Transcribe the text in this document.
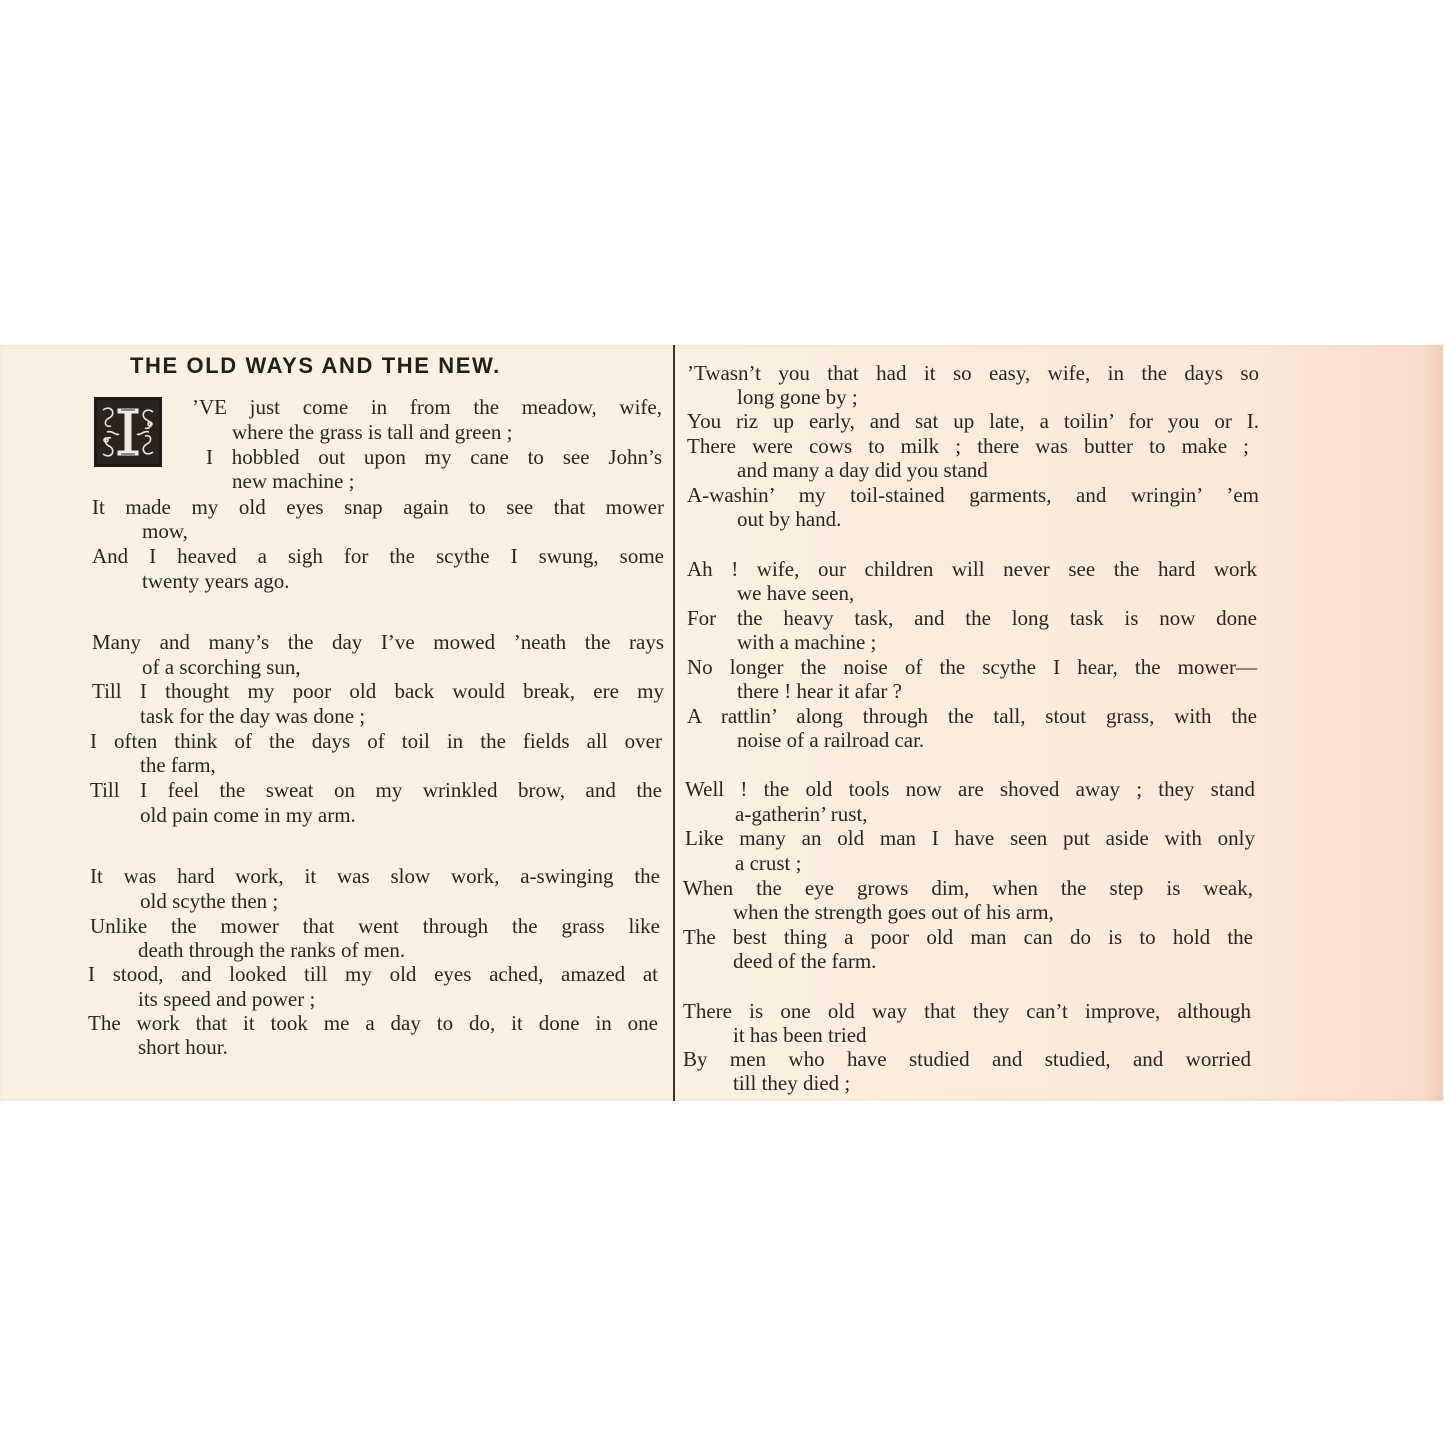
THE OLD WAYS AND THE NEW.
’VE just come in from the meadow, wife,
where the grass is tall and green ;
I hobbled out upon my cane to see John’s
new machine ;
It made my old eyes snap again to see that mower
mow,
And I heaved a sigh for the scythe I swung, some
twenty years ago.
Many and many’s the day I’ve mowed ’neath the rays
of a scorching sun,
Till I thought my poor old back would break, ere my
task for the day was done ;
I often think of the days of toil in the fields all over
the farm,
Till I feel the sweat on my wrinkled brow, and the
old pain come in my arm.
It was hard work, it was slow work, a-swinging the
old scythe then ;
Unlike the mower that went through the grass like
death through the ranks of men.
I stood, and looked till my old eyes ached, amazed at
its speed and power ;
The work that it took me a day to do, it done in one
short hour.
’Twasn’t you that had it so easy, wife, in the days so
long gone by ;
You riz up early, and sat up late, a toilin’ for you or I.
There were cows to milk ; there was butter to make ;
and many a day did you stand
A-washin’ my toil-stained garments, and wringin’ ’em
out by hand.
Ah ! wife, our children will never see the hard work
we have seen,
For the heavy task, and the long task is now done
with a machine ;
No longer the noise of the scythe I hear, the mower—
there ! hear it afar ?
A rattlin’ along through the tall, stout grass, with the
noise of a railroad car.
Well ! the old tools now are shoved away ; they stand
a-gatherin’ rust,
Like many an old man I have seen put aside with only
a crust ;
When the eye grows dim, when the step is weak,
when the strength goes out of his arm,
The best thing a poor old man can do is to hold the
deed of the farm.
There is one old way that they can’t improve, although
it has been tried
By men who have studied and studied, and worried
till they died ;
